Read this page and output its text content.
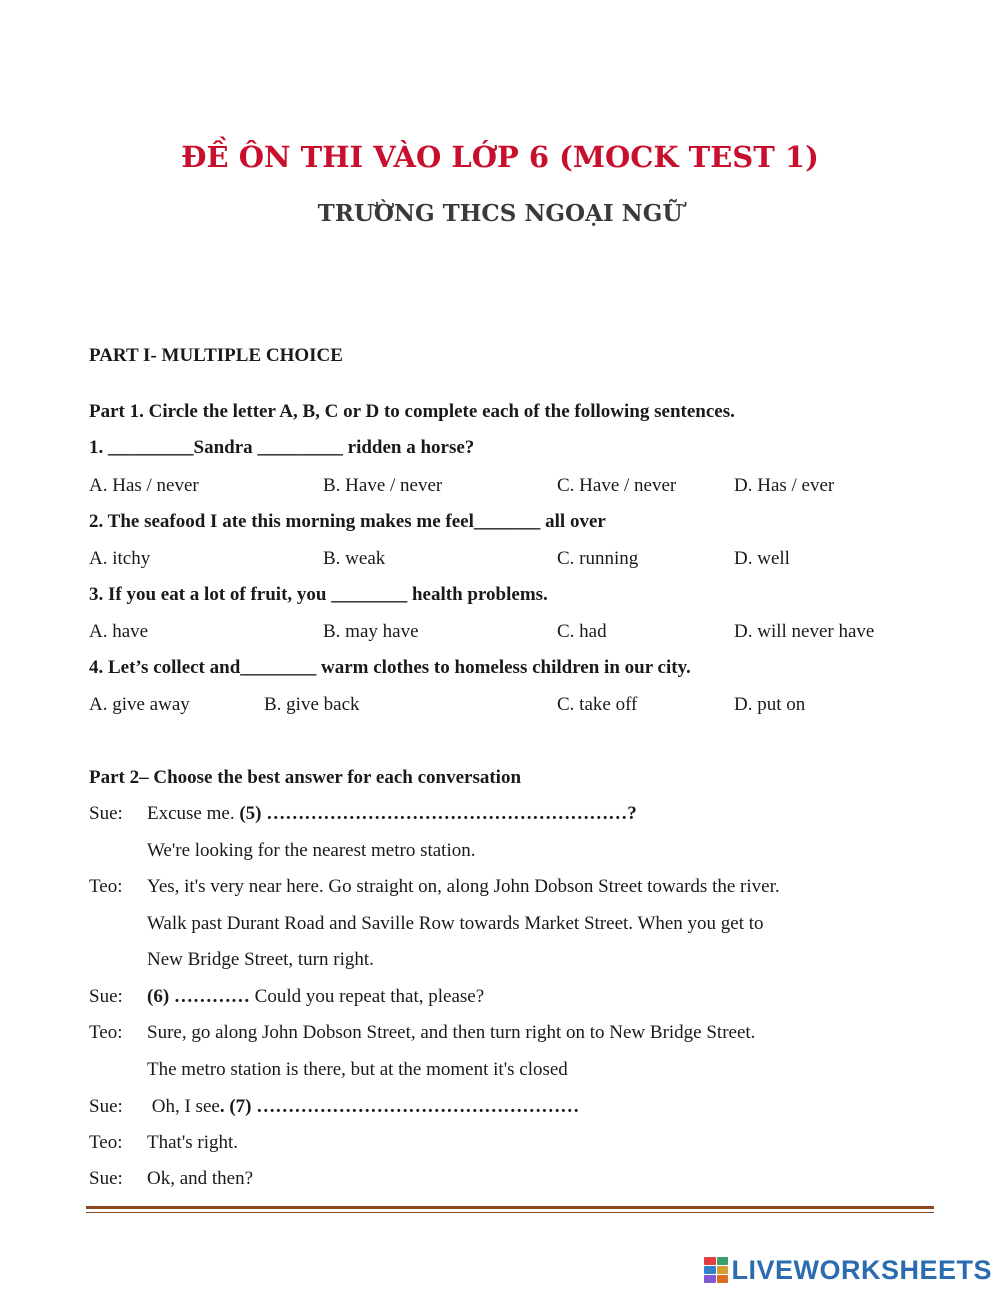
ĐỀ ÔN THI VÀO LỚP 6 (MOCK TEST 1)
TRƯỜNG THCS NGOẠI NGỮ
PART I- MULTIPLE CHOICE
Part 1. Circle the letter A, B, C or D to complete each of the following sentences.
1. _________Sandra _________ ridden a horse?
A. Has / never	B. Have / never	C. Have / never	D. Has / ever
2. The seafood I ate this morning makes me feel_______ all over
A. itchy	B. weak	C. running	D. well
3. If you eat a lot of fruit, you ________ health problems.
A. have	B. may have	C. had	D. will never have
4. Let’s collect and________ warm clothes to homeless children in our city.
A. give away	B. give back	C. take off	D. put on
Part 2– Choose the best answer for each conversation
Sue: Excuse me. (5) …………………………………………………?
We're looking for the nearest metro station.
Teo: Yes, it's very near here. Go straight on, along John Dobson Street towards the river.
Walk past Durant Road and Saville Row towards Market Street. When you get to
New Bridge Street, turn right.
Sue: (6) ………… Could you repeat that, please?
Teo: Sure, go along John Dobson Street, and then turn right on to New Bridge Street.
The metro station is there, but at the moment it's closed
Sue: Oh, I see. (7) ……………………………………………
Teo: That's right.
Sue: Ok, and then?
LIVEWORKSHEETS
